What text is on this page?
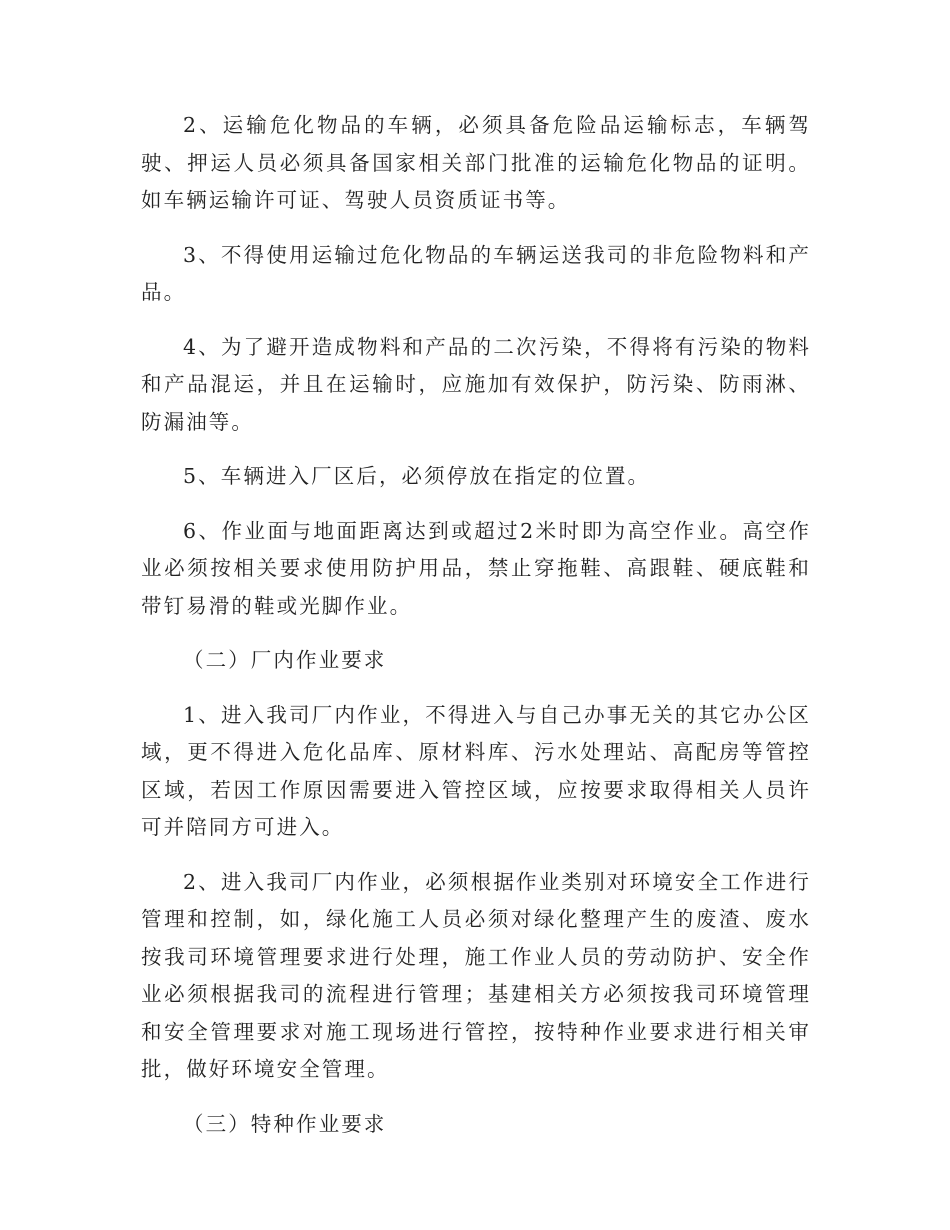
2、运输危化物品的车辆，必须具备危险品运输标志，车辆驾驶、押运人员必须具备国家相关部门批准的运输危化物品的证明。如车辆运输许可证、驾驶人员资质证书等。

3、不得使用运输过危化物品的车辆运送我司的非危险物料和产品。

4、为了避开造成物料和产品的二次污染，不得将有污染的物料和产品混运，并且在运输时，应施加有效保护，防污染、防雨淋、防漏油等。

5、车辆进入厂区后，必须停放在指定的位置。

6、作业面与地面距离达到或超过2米时即为高空作业。高空作业必须按相关要求使用防护用品，禁止穿拖鞋、高跟鞋、硬底鞋和带钉易滑的鞋或光脚作业。

（二）厂内作业要求

1、进入我司厂内作业，不得进入与自己办事无关的其它办公区域，更不得进入危化品库、原材料库、污水处理站、高配房等管控区域，若因工作原因需要进入管控区域，应按要求取得相关人员许可并陪同方可进入。

2、进入我司厂内作业，必须根据作业类别对环境安全工作进行管理和控制，如，绿化施工人员必须对绿化整理产生的废渣、废水按我司环境管理要求进行处理，施工作业人员的劳动防护、安全作业必须根据我司的流程进行管理；基建相关方必须按我司环境管理和安全管理要求对施工现场进行管控，按特种作业要求进行相关审批，做好环境安全管理。

（三）特种作业要求
